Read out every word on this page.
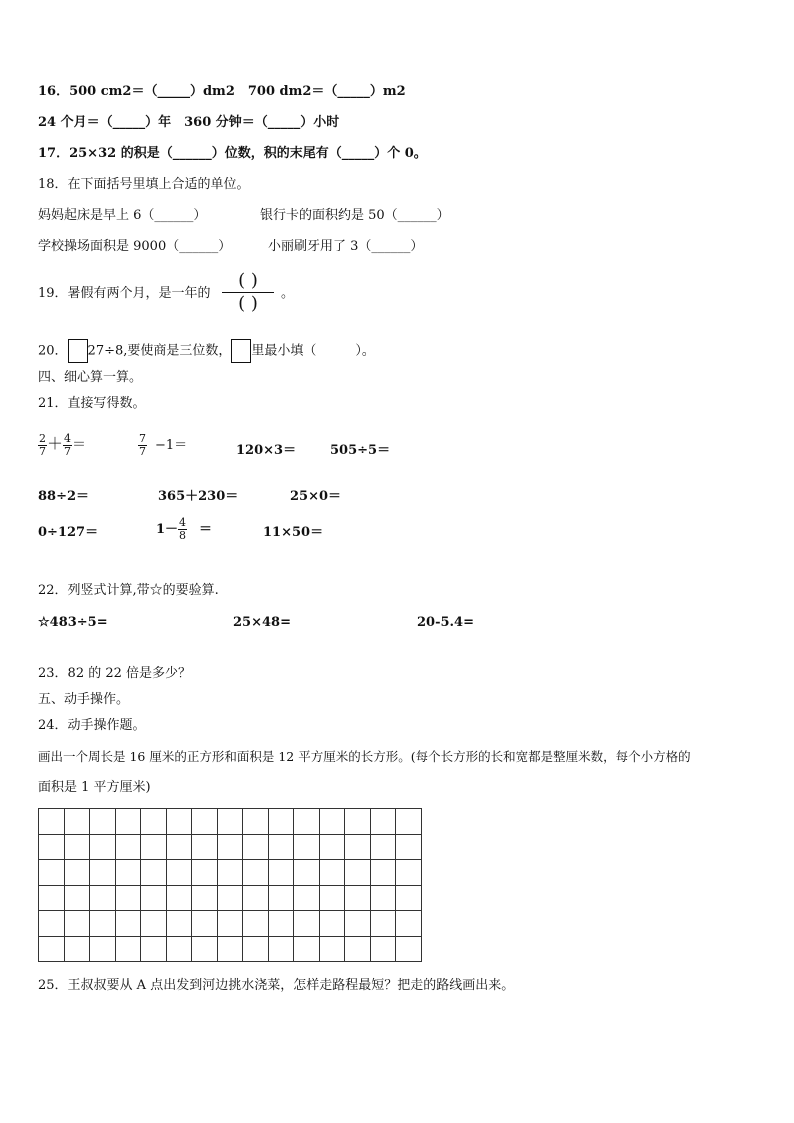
16．500 cm2＝（_____）dm2　700 dm2＝（_____）m2
24 个月＝（_____）年　360 分钟＝（_____）小时
17．25×32 的积是（______）位数，积的末尾有（_____）个 0。
18．在下面括号里填上合适的单位。
妈妈起床是早上 6（______）	银行卡的面积约是 50（______）
学校操场面积是 9000（______）	小丽刷牙用了 3（______）
19．暑假有两个月，是一年的
( )
( )	。
20． 27÷8,要使商是三位数， 里最小填（　　　）。
四、细心算一算。
21．直接写得数。
$\frac{2}{7} + \frac{4}{7}$ ＝	$\frac{7}{7} -1=$	120×3＝	505÷5＝
88÷2＝	365＋230＝	25×0＝
0÷127＝	$1- \frac{4}{8}$ ＝	11×50＝
22．列竖式计算,带☆的要验算.
☆483÷5=	25×48=	20-5.4=
23．82 的 22 倍是多少？
五、动手操作。
24．动手操作题。
画出一个周长是 16 厘米的正方形和面积是 12 平方厘米的长方形。(每个长方形的长和宽都是整厘米数，每个小方格的
面积是 1 平方厘米)

25．王叔叔要从 A 点出发到河边挑水浇菜，怎样走路程最短？把走的路线画出来。
